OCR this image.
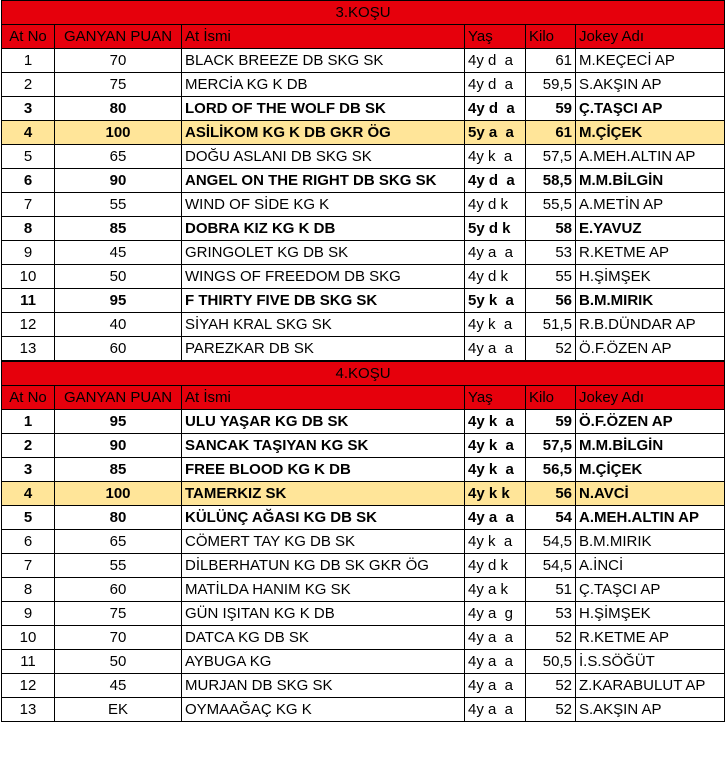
3.KOŞU					
At No	GANYAN PUAN	At İsmi	Yaş	Kilo	Jokey Adı
1	70	BLACK BREEZE DB SKG SK	4y d  a	61	M.KEÇECİ AP
2	75	MERCİA KG K DB	4y d  a	59,5	S.AKŞIN AP
3	80	LORD OF THE WOLF DB SK	4y d  a	59	Ç.TAŞCI AP
4	100	ASİLİKOM KG K DB GKR ÖG	5y a  a	61	M.ÇİÇEK
5	65	DOĞU ASLANI DB SKG SK	4y k  a	57,5	A.MEH.ALTIN AP
6	90	ANGEL ON THE RIGHT DB SKG SK	4y d  a	58,5	M.M.BİLGİN
7	55	WIND OF SİDE KG K	4y d k	55,5	A.METİN AP
8	85	DOBRA KIZ KG K DB	5y d k	58	E.YAVUZ
9	45	GRINGOLET KG DB SK	4y a  a	53	R.KETME AP
10	50	WINGS OF FREEDOM DB SKG	4y d k	55	H.ŞİMŞEK
11	95	F THIRTY FIVE DB SKG SK	5y k  a	56	B.M.MIRIK
12	40	SİYAH KRAL SKG SK	4y k  a	51,5	R.B.DÜNDAR AP
13	60	PAREZKAR DB SK	4y a  a	52	Ö.F.ÖZEN AP
4.KOŞU					
At No	GANYAN PUAN	At İsmi	Yaş	Kilo	Jokey Adı
1	95	ULU YAŞAR KG DB SK	4y k  a	59	Ö.F.ÖZEN AP
2	90	SANCAK TAŞIYAN KG SK	4y k  a	57,5	M.M.BİLGİN
3	85	FREE BLOOD KG K DB	4y k  a	56,5	M.ÇİÇEK
4	100	TAMERKIZ SK	4y k k	56	N.AVCİ
5	80	KÜLÜNÇ AĞASI KG DB SK	4y a  a	54	A.MEH.ALTIN AP
6	65	CÖMERT TAY KG DB SK	4y k  a	54,5	B.M.MIRIK
7	55	DİLBERHATUN KG DB SK GKR ÖG	4y d k	54,5	A.İNCİ
8	60	MATİLDA HANIM KG SK	4y a k	51	Ç.TAŞCI AP
9	75	GÜN IŞITAN KG K DB	4y a  g	53	H.ŞİMŞEK
10	70	DATCA KG DB SK	4y a  a	52	R.KETME AP
11	50	AYBUGA KG	4y a  a	50,5	İ.S.SÖĞÜT
12	45	MURJAN DB SKG SK	4y a  a	52	Z.KARABULUT AP
13	EK	OYMAAĞAÇ KG K	4y a  a	52	S.AKŞIN AP
